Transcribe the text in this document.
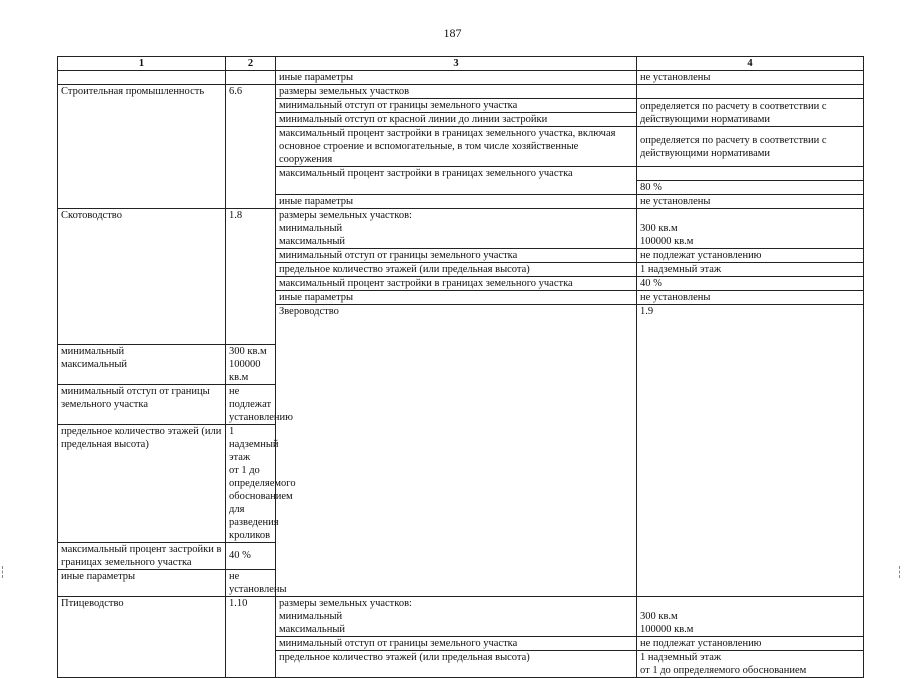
187
1	2	3	4	
		иные параметры	не установлены	
Строительная промышленность	6.6	размеры земельных участков		
		минимальный отступ от границы земельного участка	определяется по расчету в соответствии с действующими нормативами	
		минимальный отступ от красной линии до линии застройки		
		максимальный процент застройки в границах земельного участка, включая основное строение и вспомогательные, в том числе хозяйственные сооружения	определяется по расчету в соответствии с действующими нормативами	
		максимальный процент застройки в границах земельного участка		
			80 %	
		иные параметры	не установлены	
Скотоводство	1.8	размеры земельных участков:		
		минимальный	300 кв.м	
		максимальный	100000 кв.м	
		минимальный отступ от границы земельного участка	не подлежат установлению	
		предельное количество этажей (или предельная высота)	1 надземный этаж	
		максимальный процент застройки в границах земельного участка	40 %	
		иные параметры	не установлены	
		Звероводство	1.9		
минимальный	300 кв.м			
максимальный	100000 кв.м			
минимальный отступ от границы земельного участка	не подлежат установлению			
предельное количество этажей (или предельная высота)	1 надземный этаж			
	от 1 до определяемого обоснованием			
	для разведения кроликов			
максимальный процент застройки в границах земельного участка	40 %			
иные параметры	не установлены			
Птицеводство	1.10	размеры земельных участков:		
		минимальный	300 кв.м	
		максимальный	100000 кв.м	
		минимальный отступ от границы земельного участка	не подлежат установлению	
		предельное количество этажей (или предельная высота)	1 надземный этаж	
			от 1 до определяемого обоснованием	
